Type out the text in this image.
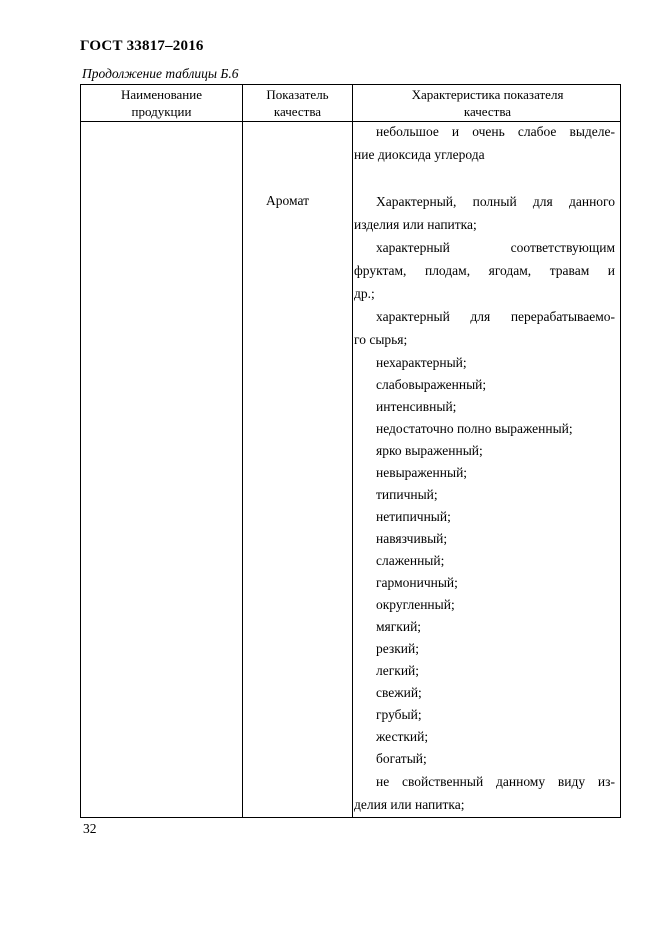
ГОСТ 33817–2016
Продолжение таблицы Б.6
Наименование
продукции
Показатель
качества
Характеристика показателя
качества
Аромат
небольшое и очень слабое выделе-
ние диоксида углерода
Характерный, полный для данного
изделия или напитка;
характерный соответствующим
фруктам, плодам, ягодам, травам и
др.;
характерный для перерабатываемо-
го сырья;
нехарактерный;
слабовыраженный;
интенсивный;
недостаточно полно выраженный;
ярко выраженный;
невыраженный;
типичный;
нетипичный;
навязчивый;
слаженный;
гармоничный;
округленный;
мягкий;
резкий;
легкий;
свежий;
грубый;
жесткий;
богатый;
не свойственный данному виду из-
делия или напитка;
32
